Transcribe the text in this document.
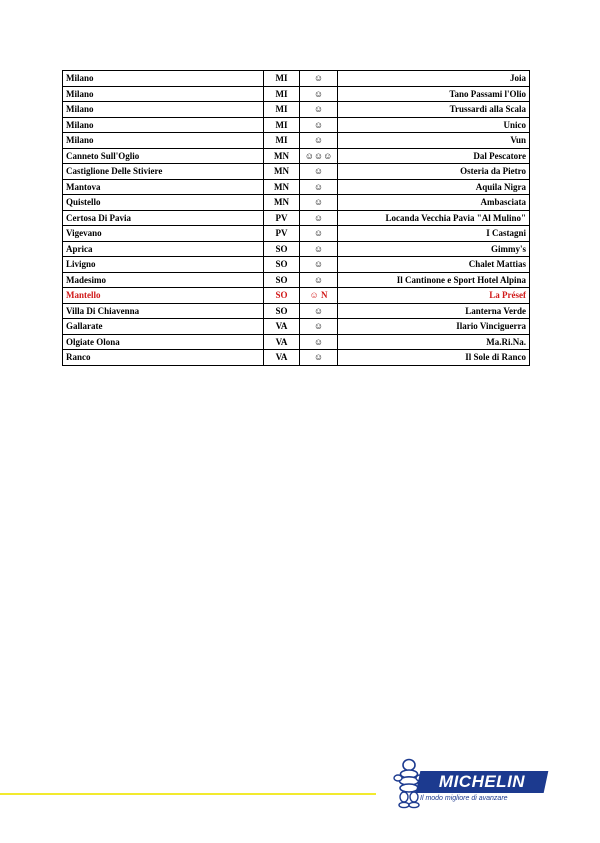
Milano	MI	☺	Joia
Milano	MI	☺	Tano Passami l'Olio
Milano	MI	☺	Trussardi alla Scala
Milano	MI	☺	Unico
Milano	MI	☺	Vun
Canneto Sull'Oglio	MN	☺☺☺	Dal Pescatore
Castiglione Delle Stiviere	MN	☺	Osteria da Pietro
Mantova	MN	☺	Aquila Nigra
Quistello	MN	☺	Ambasciata
Certosa Di Pavia	PV	☺	Locanda Vecchia Pavia "Al Mulino"
Vigevano	PV	☺	I Castagni
Aprica	SO	☺	Gimmy's
Livigno	SO	☺	Chalet Mattias
Madesimo	SO	☺	Il Cantinone e Sport Hotel Alpina
Mantello	SO	☺ N	La Présef
Villa Di Chiavenna	SO	☺	Lanterna Verde
Gallarate	VA	☺	Ilario Vinciguerra
Olgiate Olona	VA	☺	Ma.Ri.Na.
Ranco	VA	☺	Il Sole di Ranco
MICHELIN
Il modo migliore di avanzare
